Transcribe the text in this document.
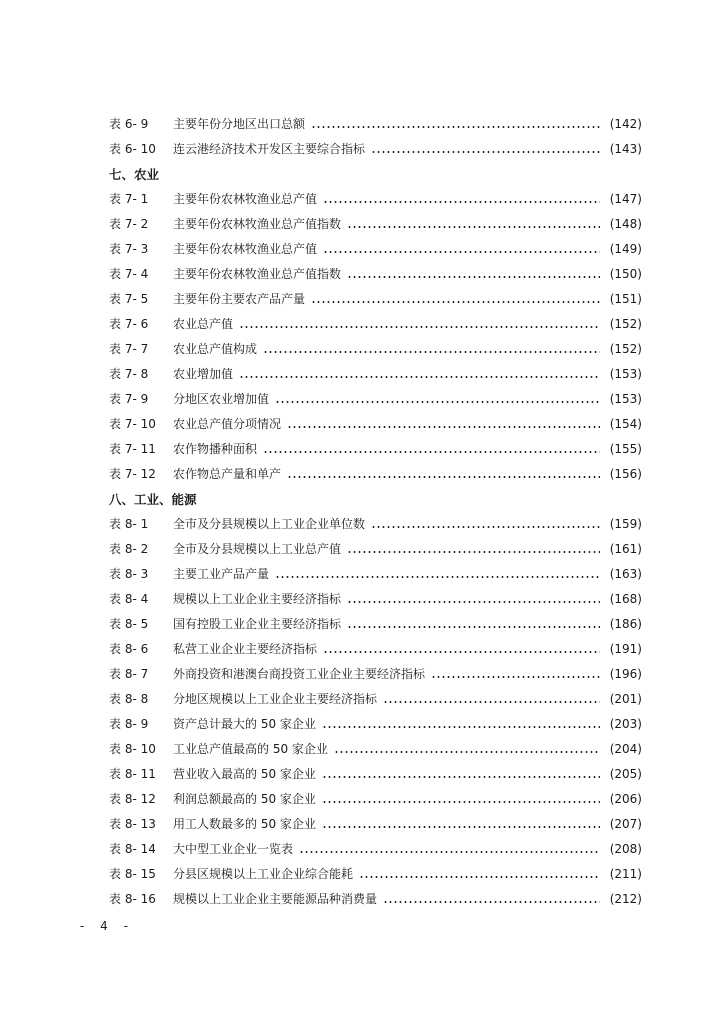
表 6- 9	主要年份分地区出口总额	(142)
表 6- 10	连云港经济技术开发区主要综合指标	(143)
七、农业
表 7- 1	主要年份农林牧渔业总产值	(147)
表 7- 2	主要年份农林牧渔业总产值指数	(148)
表 7- 3	主要年份农林牧渔业总产值	(149)
表 7- 4	主要年份农林牧渔业总产值指数	(150)
表 7- 5	主要年份主要农产品产量	(151)
表 7- 6	农业总产值	(152)
表 7- 7	农业总产值构成	(152)
表 7- 8	农业增加值	(153)
表 7- 9	分地区农业增加值	(153)
表 7- 10	农业总产值分项情况	(154)
表 7- 11	农作物播种面积	(155)
表 7- 12	农作物总产量和单产	(156)
八、工业、能源
表 8- 1	全市及分县规模以上工业企业单位数	(159)
表 8- 2	全市及分县规模以上工业总产值	(161)
表 8- 3	主要工业产品产量	(163)
表 8- 4	规模以上工业企业主要经济指标	(168)
表 8- 5	国有控股工业企业主要经济指标	(186)
表 8- 6	私营工业企业主要经济指标	(191)
表 8- 7	外商投资和港澳台商投资工业企业主要经济指标	(196)
表 8- 8	分地区规模以上工业企业主要经济指标	(201)
表 8- 9	资产总计最大的 50 家企业	(203)
表 8- 10	工业总产值最高的 50 家企业	(204)
表 8- 11	营业收入最高的 50 家企业	(205)
表 8- 12	利润总额最高的 50 家企业	(206)
表 8- 13	用工人数最多的 50 家企业	(207)
表 8- 14	大中型工业企业一览表	(208)
表 8- 15	分县区规模以上工业企业综合能耗	(211)
表 8- 16	规模以上工业企业主要能源品种消费量	(212)
- 4 -
